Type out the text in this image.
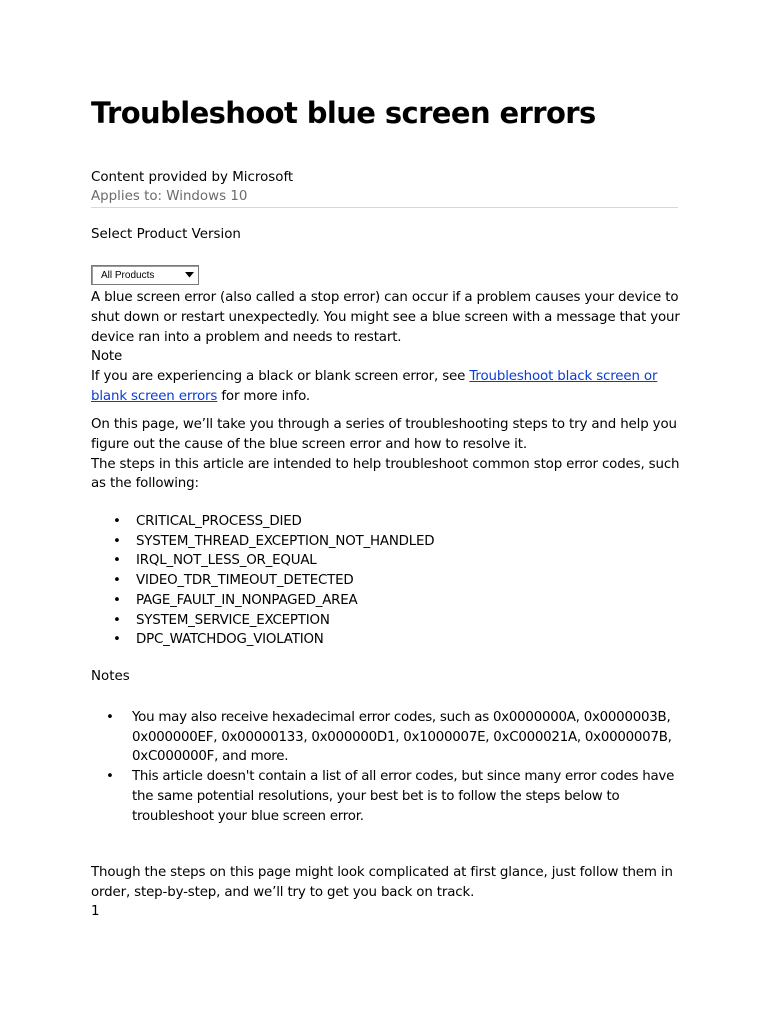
Troubleshoot blue screen errors
Content provided by Microsoft
Applies to: Windows 10
Select Product Version
All Products

A blue screen error (also called a stop error) can occur if a problem causes your device to shut down or restart unexpectedly. You might see a blue screen with a message that your device ran into a problem and needs to restart.

Note

If you are experiencing a black or blank screen error, see Troubleshoot black screen or blank screen errors for more info.

On this page, we’ll take you through a series of troubleshooting steps to try and help you figure out the cause of the blue screen error and how to resolve it.

The steps in this article are intended to help troubleshoot common stop error codes, such as the following:

• CRITICAL_PROCESS_DIED
• SYSTEM_THREAD_EXCEPTION_NOT_HANDLED
• IRQL_NOT_LESS_OR_EQUAL
• VIDEO_TDR_TIMEOUT_DETECTED
• PAGE_FAULT_IN_NONPAGED_AREA
• SYSTEM_SERVICE_EXCEPTION
• DPC_WATCHDOG_VIOLATION
Notes
• You may also receive hexadecimal error codes, such as 0x0000000A, 0x0000003B, 0x000000EF, 0x00000133, 0x000000D1, 0x1000007E, 0xC000021A, 0x0000007B, 0xC000000F, and more.
• This article doesn't contain a list of all error codes, but since many error codes have the same potential resolutions, your best bet is to follow the steps below to troubleshoot your blue screen error.
Though the steps on this page might look complicated at first glance, just follow them in order, step-by-step, and we’ll try to get you back on track.
1
